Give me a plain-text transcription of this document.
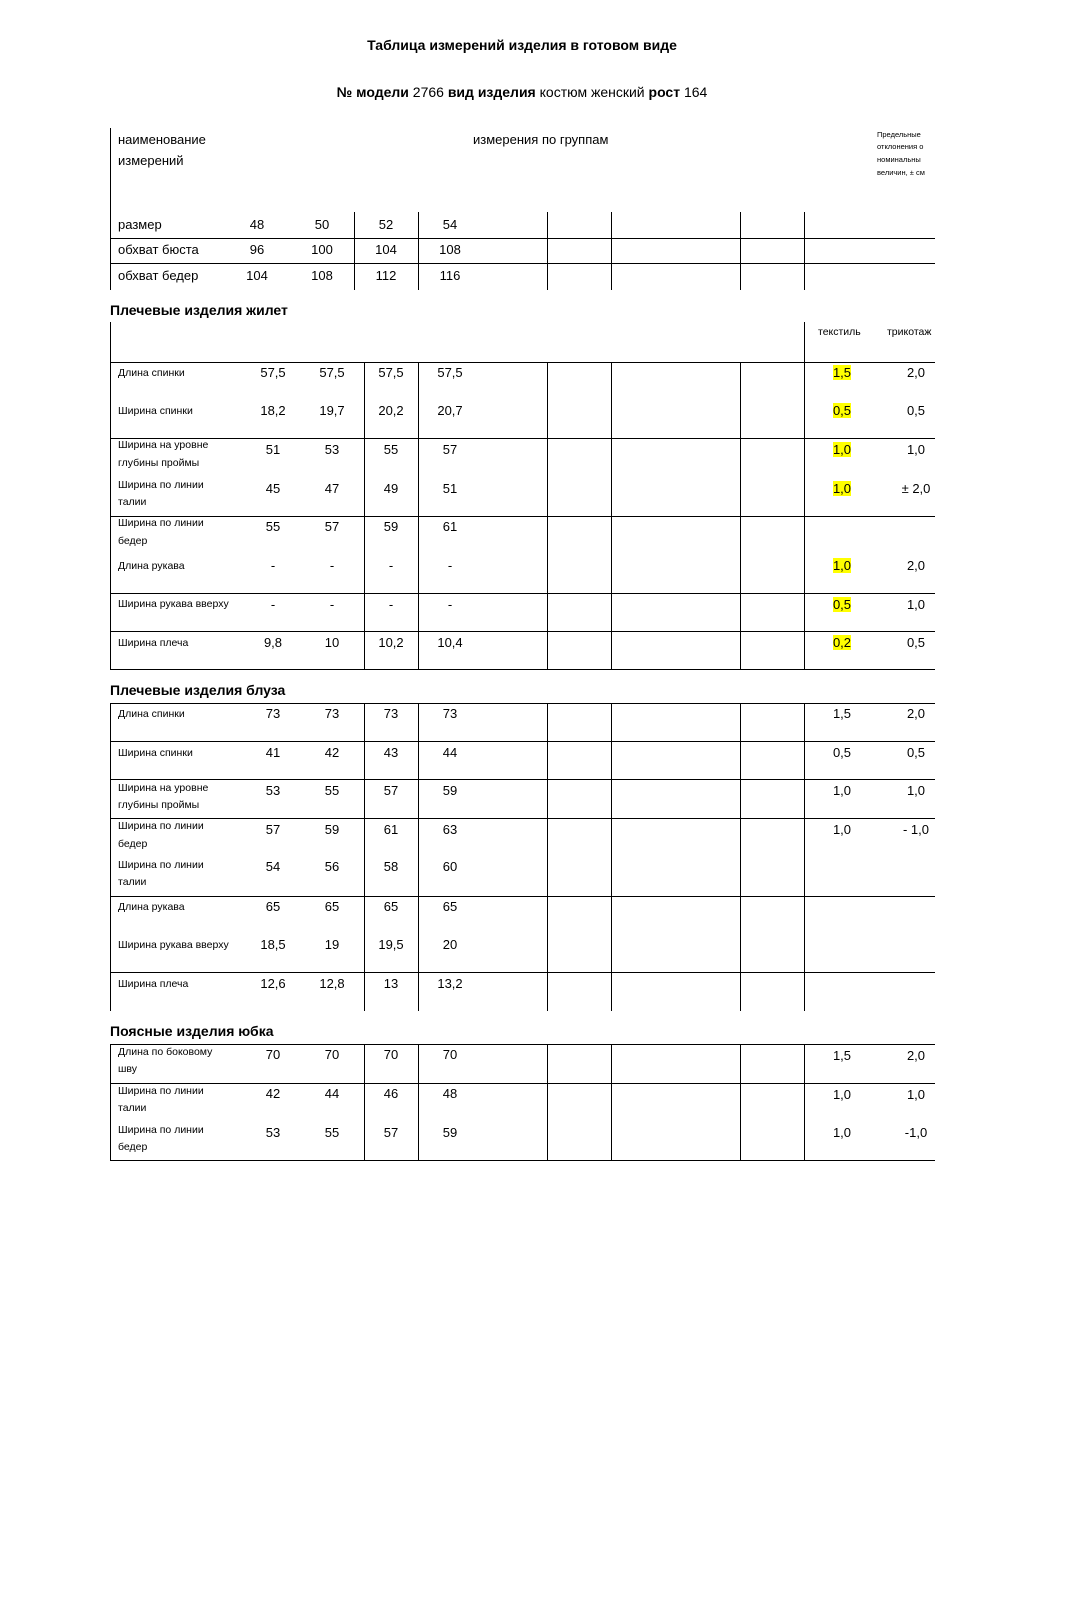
Таблица измерений изделия в готовом виде
№ модели 2766 вид изделия костюм женский рост 164
наименование
измерений
измерения по группам	Предельные
отклонения о
номинальны
величин, ± см
размер	48	50	52	54
обхват бюста	96	100	104	108
обхват бедер	104	108	112	116
Плечевые изделия жилет
текстиль трикотаж
Длина спинки	57,5	57,5	57,5	57,5	1,5	2,0
Ширина спинки	18,2	19,7	20,2	20,7	0,5	0,5
Ширина на уровне
глубины проймы
51	53	55	57	1,0	1,0
Ширина по линии
талии
45	47	49	51	1,0	± 2,0
Ширина по линии
бедер
55	57	59	61
Длина рукава	-	-	-	-	1,0	2,0
Ширина рукава вверху	-	-	-	-	0,5	1,0
Ширина плеча	9,8	10	10,2	10,4	0,2	0,5
Плечевые изделия блуза
Длина спинки	73	73	73	73	1,5	2,0
Ширина спинки	41	42	43	44	0,5	0,5
Ширина на уровне
глубины проймы
53	55	57	59	1,0	1,0
Ширина по линии
бедер
57	59	61	63	1,0	- 1,0
Ширина по линии
талии
54	56	58	60
Длина рукава	65	65	65	65
Ширина рукава вверху	18,5	19	19,5	20
Ширина плеча	12,6	12,8	13	13,2
Поясные изделия юбка
Длина по боковому
шву
70	70	70	70	1,5	2,0
Ширина по линии
талии
42	44	46	48	1,0	1,0
Ширина по линии
бедер
53	55	57	59	1,0	-1,0
